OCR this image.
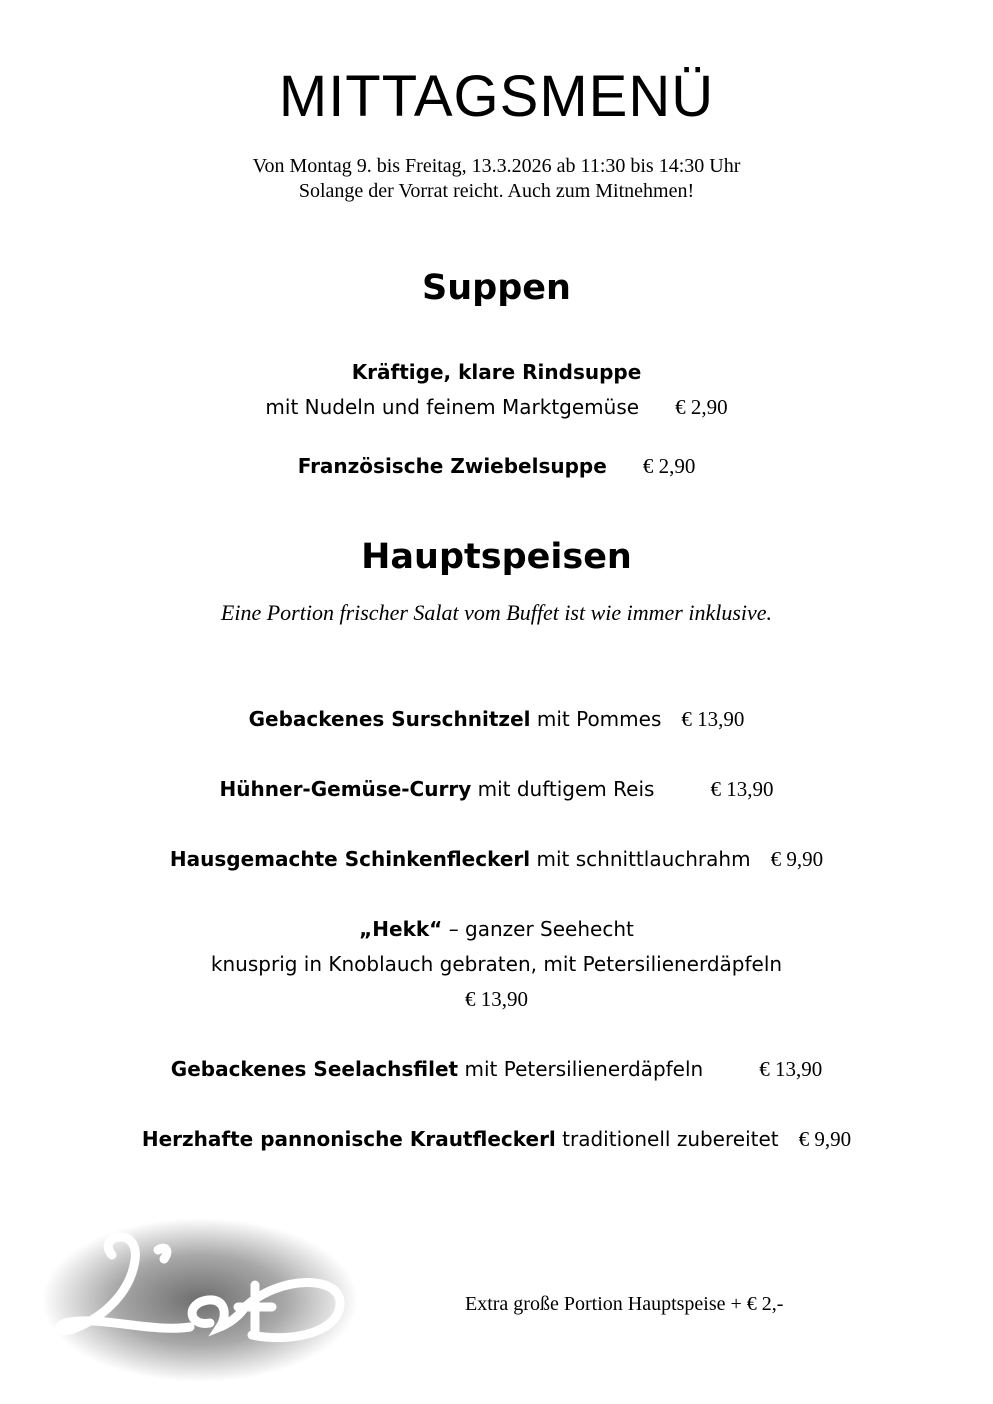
MITTAGSMENÜ
Von Montag 9. bis Freitag, 13.3.2026 ab 11:30 bis 14:30 Uhr
Solange der Vorrat reicht. Auch zum Mitnehmen!
Suppen
Kräftige, klare Rindsuppe
mit Nudeln und feinem Marktgemüse € 2,90
Französische Zwiebelsuppe € 2,90
Hauptspeisen
Eine Portion frischer Salat vom Buffet ist wie immer inklusive.
Gebackenes Surschnitzel mit Pommes € 13,90
Hühner-Gemüse-Curry mit duftigem Reis	€ 13,90
Hausgemachte Schinkenfleckerl mit schnittlauchrahm € 9,90
„Hekk“ – ganzer Seehecht
knusprig in Knoblauch gebraten, mit Petersilienerdäpfeln
€ 13,90
Gebackenes Seelachsfilet mit Petersilienerdäpfeln	€ 13,90
Herzhafte pannonische Krautfleckerl traditionell zubereitet € 9,90
Extra große Portion Hauptspeise + € 2,-
